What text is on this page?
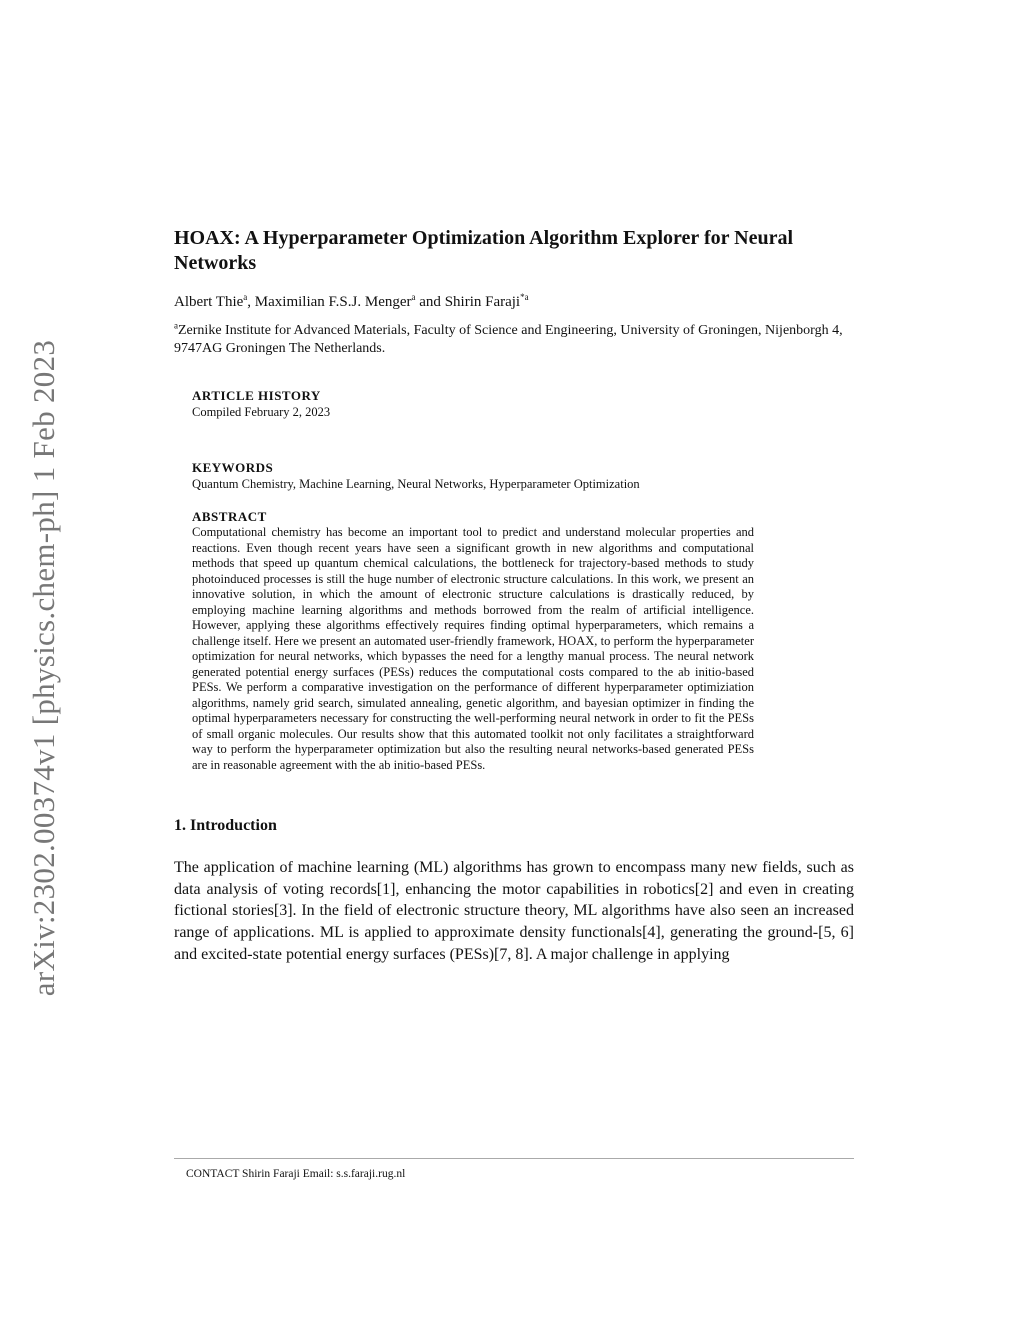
arXiv:2302.00374v1 [physics.chem-ph] 1 Feb 2023
HOAX: A Hyperparameter Optimization Algorithm Explorer for Neural Networks
Albert Thie$^a$, Maximilian F.S.J. Menger$^a$ and Shirin Faraji$^{*a}$
$^a$Zernike Institute for Advanced Materials, Faculty of Science and Engineering, University of Groningen, Nijenborgh 4, 9747AG Groningen The Netherlands.
ARTICLE HISTORY
Compiled February 2, 2023
KEYWORDS
Quantum Chemistry, Machine Learning, Neural Networks, Hyperparameter Optimization
ABSTRACT
Computational chemistry has become an important tool to predict and understand molecular properties and reactions. Even though recent years have seen a significant growth in new algorithms and computational methods that speed up quantum chemical calculations, the bottleneck for trajectory-based methods to study photoinduced processes is still the huge number of electronic structure calculations. In this work, we present an innovative solution, in which the amount of electronic structure calculations is drastically reduced, by employing machine learning algorithms and methods borrowed from the realm of artificial intelligence. However, applying these algorithms effectively requires finding optimal hyperparameters, which remains a challenge itself. Here we present an automated user-friendly framework, HOAX, to perform the hyperparameter optimization for neural networks, which bypasses the need for a lengthy manual process. The neural network generated potential energy surfaces (PESs) reduces the computational costs compared to the ab initio-based PESs. We perform a comparative investigation on the performance of different hyperparameter optimiziation algorithms, namely grid search, simulated annealing, genetic algorithm, and bayesian optimizer in finding the optimal hyperparameters necessary for constructing the well-performing neural network in order to fit the PESs of small organic molecules. Our results show that this automated toolkit not only facilitates a straightforward way to perform the hyperparameter optimization but also the resulting neural networks-based generated PESs are in reasonable agreement with the ab initio-based PESs.
1. Introduction

The application of machine learning (ML) algorithms has grown to encompass many new fields, such as data analysis of voting records[1], enhancing the motor capabilities in robotics[2] and even in creating fictional stories[3]. In the field of electronic structure theory, ML algorithms have also seen an increased range of applications. ML is applied to approximate density functionals[4], generating the ground-[5, 6] and excited-state potential energy surfaces (PESs)[7, 8]. A major challenge in applying

CONTACT Shirin Faraji Email: s.s.faraji.rug.nl
